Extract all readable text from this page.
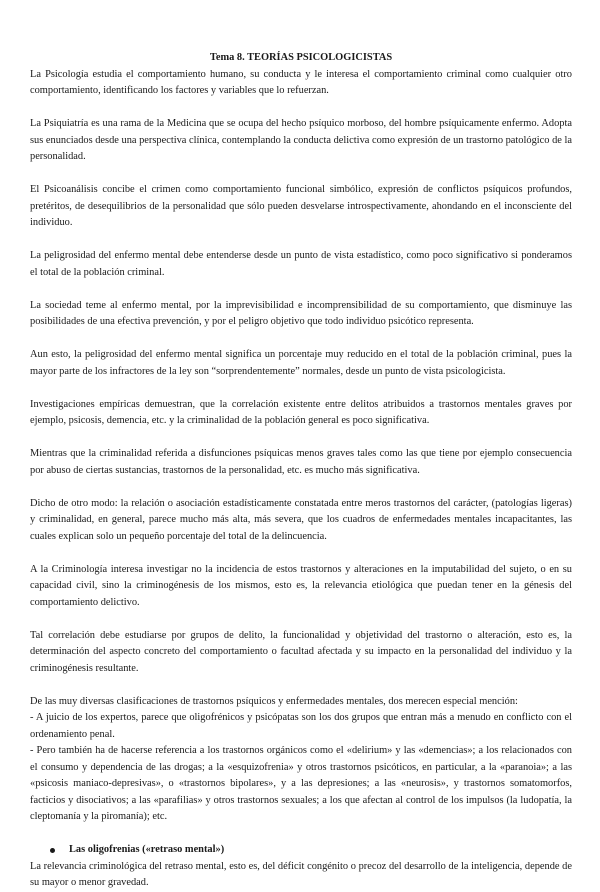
Tema 8. TEORÍAS PSICOLOGICISTAS

La Psicología estudia el comportamiento humano, su conducta y le interesa el comportamiento criminal como cualquier otro comportamiento, identificando los factores y variables que lo refuerzan.

La Psiquiatría es una rama de la Medicina que se ocupa del hecho psíquico morboso, del hombre psíquicamente enfermo. Adopta sus enunciados desde una perspectiva clínica, contemplando la conducta delictiva como expresión de un trastorno patológico de la personalidad.

El Psicoanálisis concibe el crimen como comportamiento funcional simbólico, expresión de conflictos psíquicos profundos, pretéritos, de desequilibrios de la personalidad que sólo pueden desvelarse introspectivamente, ahondando en el inconsciente del individuo.

La peligrosidad del enfermo mental debe entenderse desde un punto de vista estadístico, como poco significativo si ponderamos el total de la población criminal.

La sociedad teme al enfermo mental, por la imprevisibilidad e incomprensibilidad de su comportamiento, que disminuye las posibilidades de una efectiva prevención, y por el peligro objetivo que todo individuo psicótico representa.

Aun esto, la peligrosidad del enfermo mental significa un porcentaje muy reducido en el total de la población criminal, pues la mayor parte de los infractores de la ley son “sorprendentemente” normales, desde un punto de vista psicologicista.

Investigaciones empíricas demuestran, que la correlación existente entre delitos atribuidos a trastornos mentales graves por ejemplo, psicosis, demencia, etc. y la criminalidad de la población general es poco significativa.

Mientras que la criminalidad referida a disfunciones psíquicas menos graves tales como las que tiene por ejemplo consecuencia por abuso de ciertas sustancias, trastornos de la personalidad, etc. es mucho más significativa.

Dicho de otro modo: la relación o asociación estadísticamente constatada entre meros trastornos del carácter, (patologías ligeras) y criminalidad, en general, parece mucho más alta, más severa, que los cuadros de enfermedades mentales incapacitantes, las cuales explican solo un pequeño porcentaje del total de la delincuencia.

A la Criminología interesa investigar no la incidencia de estos trastornos y alteraciones en la imputabilidad del sujeto, o en su capacidad civil, sino la criminogénesis de los mismos, esto es, la relevancia etiológica que puedan tener en la génesis del comportamiento delictivo.

Tal correlación debe estudiarse por grupos de delito, la funcionalidad y objetividad del trastorno o alteración, esto es, la determinación del aspecto concreto del comportamiento o facultad afectada y su impacto en la personalidad del individuo y la criminogénesis resultante.

De las muy diversas clasificaciones de trastornos psíquicos y enfermedades mentales, dos merecen especial mención:

- A juicio de los expertos, parece que oligofrénicos y psicópatas son los dos grupos que entran más a menudo en conflicto con el ordenamiento penal.

- Pero también ha de hacerse referencia a los trastornos orgánicos como el «delirium» y las «demencias»; a los relacionados con el consumo y dependencia de las drogas; a la «esquizofrenia» y otros trastornos psicóticos, en particular, a la «paranoia»; a las «psicosis maniaco-depresivas», o «trastornos bipolares», y a las depresiones; a las «neurosis», y trastornos somatomorfos, facticios y disociativos; a las «parafilias» y otros trastornos sexuales; a los que afectan al control de los impulsos (la ludopatía, la cleptomanía y la piromanía); etc.

Las oligofrenias («retraso mental»)

La relevancia criminológica del retraso mental, esto es, del déficit congénito o precoz del desarrollo de la inteligencia, depende de su mayor o menor gravedad.
